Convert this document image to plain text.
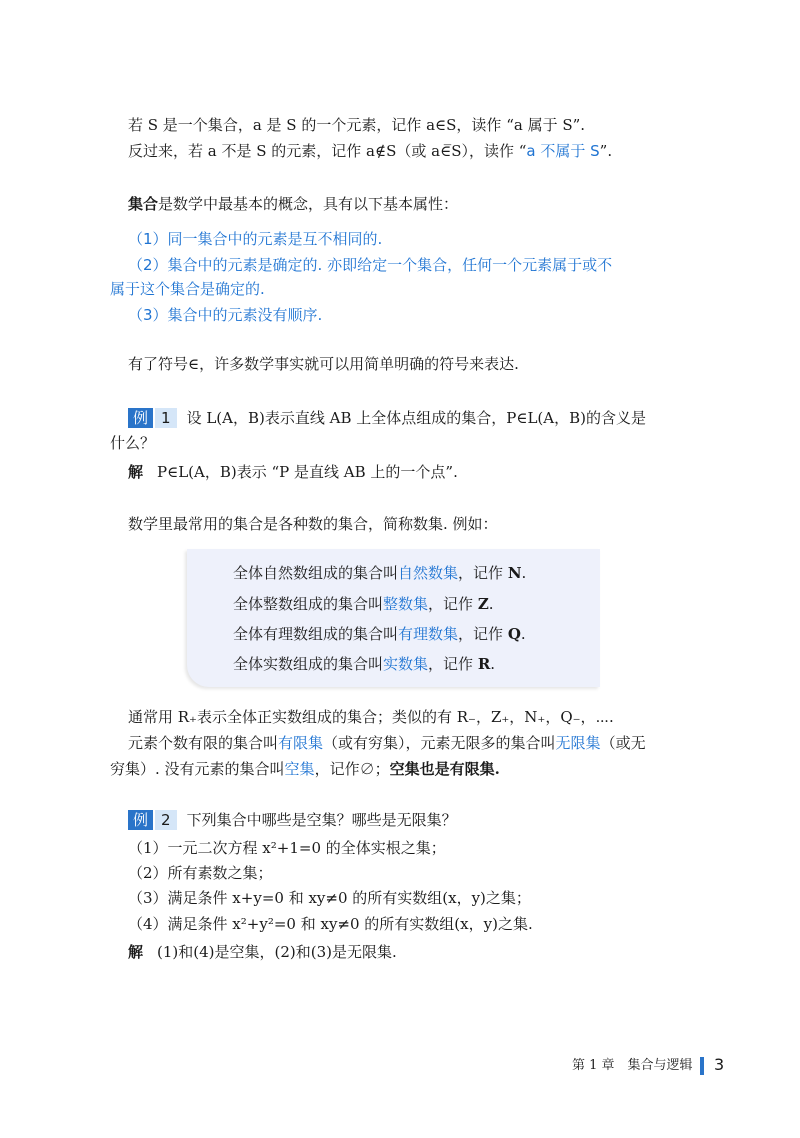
若 S 是一个集合，a 是 S 的一个元素，记作 a∈S，读作 “a 属于 S”.
反过来，若 a 不是 S 的元素，记作 a∉S（或 a∈̅S），读作 “a 不属于 S”.
集合是数学中最基本的概念，具有以下基本属性：
（1）同一集合中的元素是互不相同的.
（2）集合中的元素是确定的. 亦即给定一个集合，任何一个元素属于或不
属于这个集合是确定的.
（3）集合中的元素没有顺序.
有了符号∈，许多数学事实就可以用简单明确的符号来表达.
例 1 设 L(A，B)表示直线 AB 上全体点组成的集合，P∈L(A，B)的含义是
什么？
解 P∈L(A，B)表示 “P 是直线 AB 上的一个点”.
数学里最常用的集合是各种数的集合，简称数集. 例如：
全体自然数组成的集合叫自然数集，记作 N.
全体整数组成的集合叫整数集，记作 Z.
全体有理数组成的集合叫有理数集，记作 Q.
全体实数组成的集合叫实数集，记作 R.
通常用 R₊表示全体正实数组成的集合；类似的有 R₋，Z₊，N₊，Q₋，⋯.
元素个数有限的集合叫有限集（或有穷集），元素无限多的集合叫无限集（或无
穷集）. 没有元素的集合叫空集，记作∅；空集也是有限集.
例 2 下列集合中哪些是空集？哪些是无限集？
（1）一元二次方程 x²+1=0 的全体实根之集；
（2）所有素数之集；
（3）满足条件 x+y=0 和 xy≠0 的所有实数组(x，y)之集；
（4）满足条件 x²+y²=0 和 xy≠0 的所有实数组(x，y)之集.
解 (1)和(4)是空集，(2)和(3)是无限集.
第 1 章　集合与逻辑 3
